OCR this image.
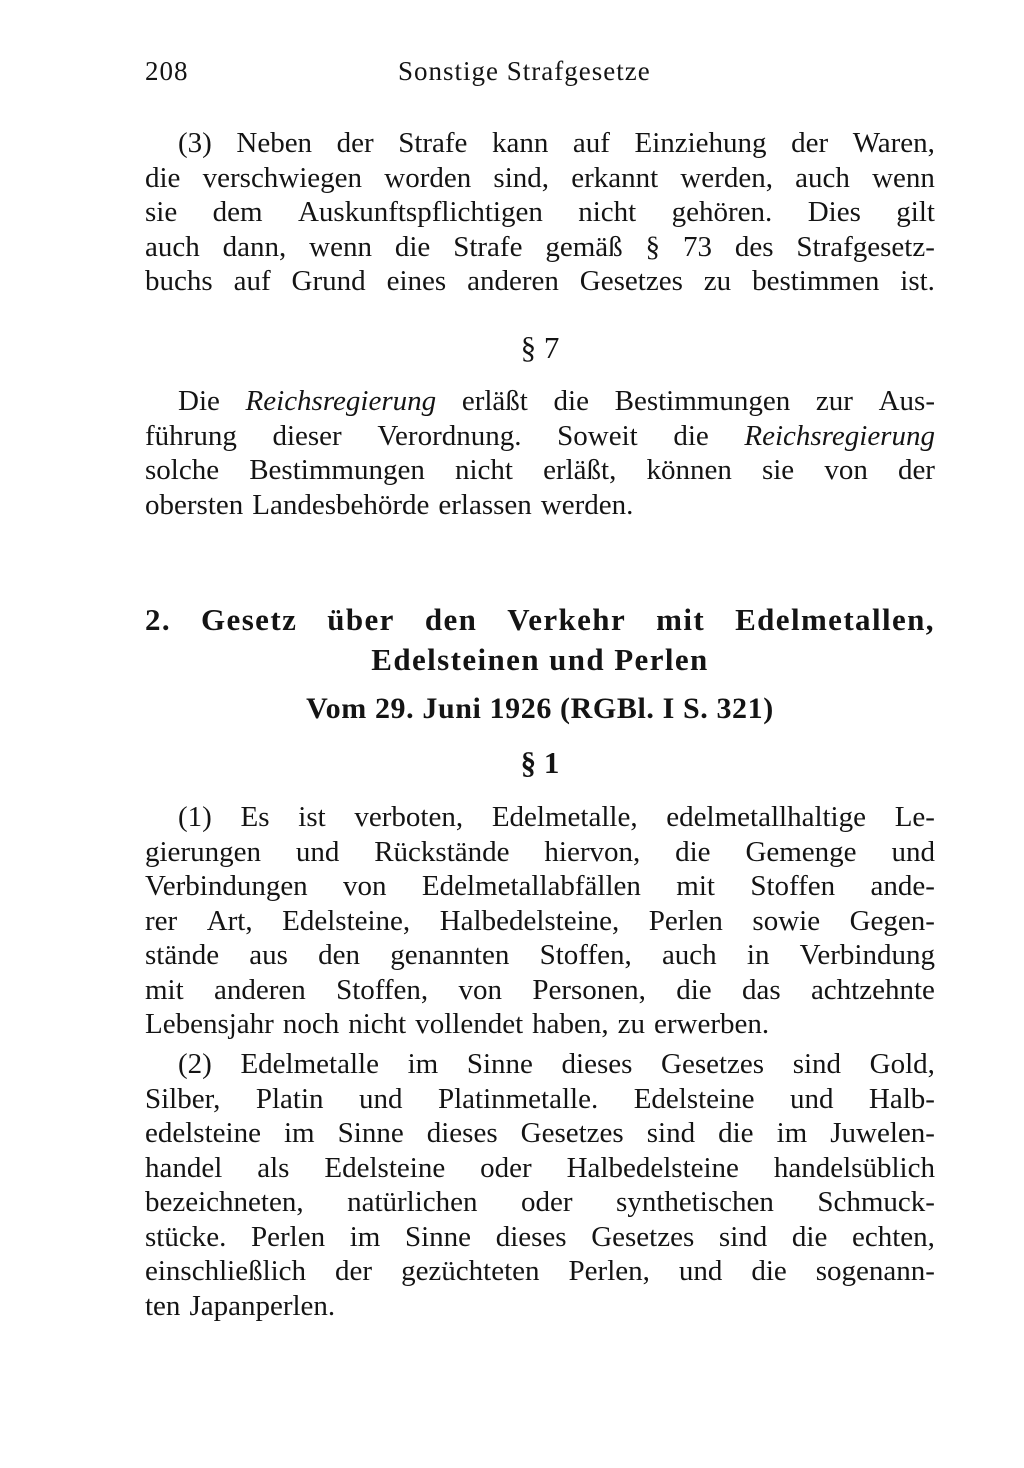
208	Sonstige Strafgesetze
(3) Neben der Strafe kann auf Einziehung der Waren,
die verschwiegen worden sind, erkannt werden, auch wenn
sie dem Auskunftspflichtigen nicht gehören. Dies gilt
auch dann, wenn die Strafe gemäß § 73 des Strafgesetz-
buchs auf Grund eines anderen Gesetzes zu bestimmen ist.
§ 7
Die Reichsregierung erläßt die Bestimmungen zur Aus-
führung dieser Verordnung. Soweit die Reichsregierung
solche Bestimmungen nicht erläßt, können sie von der
obersten Landesbehörde erlassen werden.
2. Gesetz über den Verkehr mit Edelmetallen,
Edelsteinen und Perlen
Vom 29. Juni 1926 (RGBl. I S. 321)
§ 1
(1) Es ist verboten, Edelmetalle, edelmetallhaltige Le-
gierungen und Rückstände hiervon, die Gemenge und
Verbindungen von Edelmetallabfällen mit Stoffen ande-
rer Art, Edelsteine, Halbedelsteine, Perlen sowie Gegen-
stände aus den genannten Stoffen, auch in Verbindung
mit anderen Stoffen, von Personen, die das achtzehnte
Lebensjahr noch nicht vollendet haben, zu erwerben.
(2) Edelmetalle im Sinne dieses Gesetzes sind Gold,
Silber, Platin und Platinmetalle. Edelsteine und Halb-
edelsteine im Sinne dieses Gesetzes sind die im Juwelen-
handel als Edelsteine oder Halbedelsteine handelsüblich
bezeichneten, natürlichen oder synthetischen Schmuck-
stücke. Perlen im Sinne dieses Gesetzes sind die echten,
einschließlich der gezüchteten Perlen, und die sogenann-
ten Japanperlen.
